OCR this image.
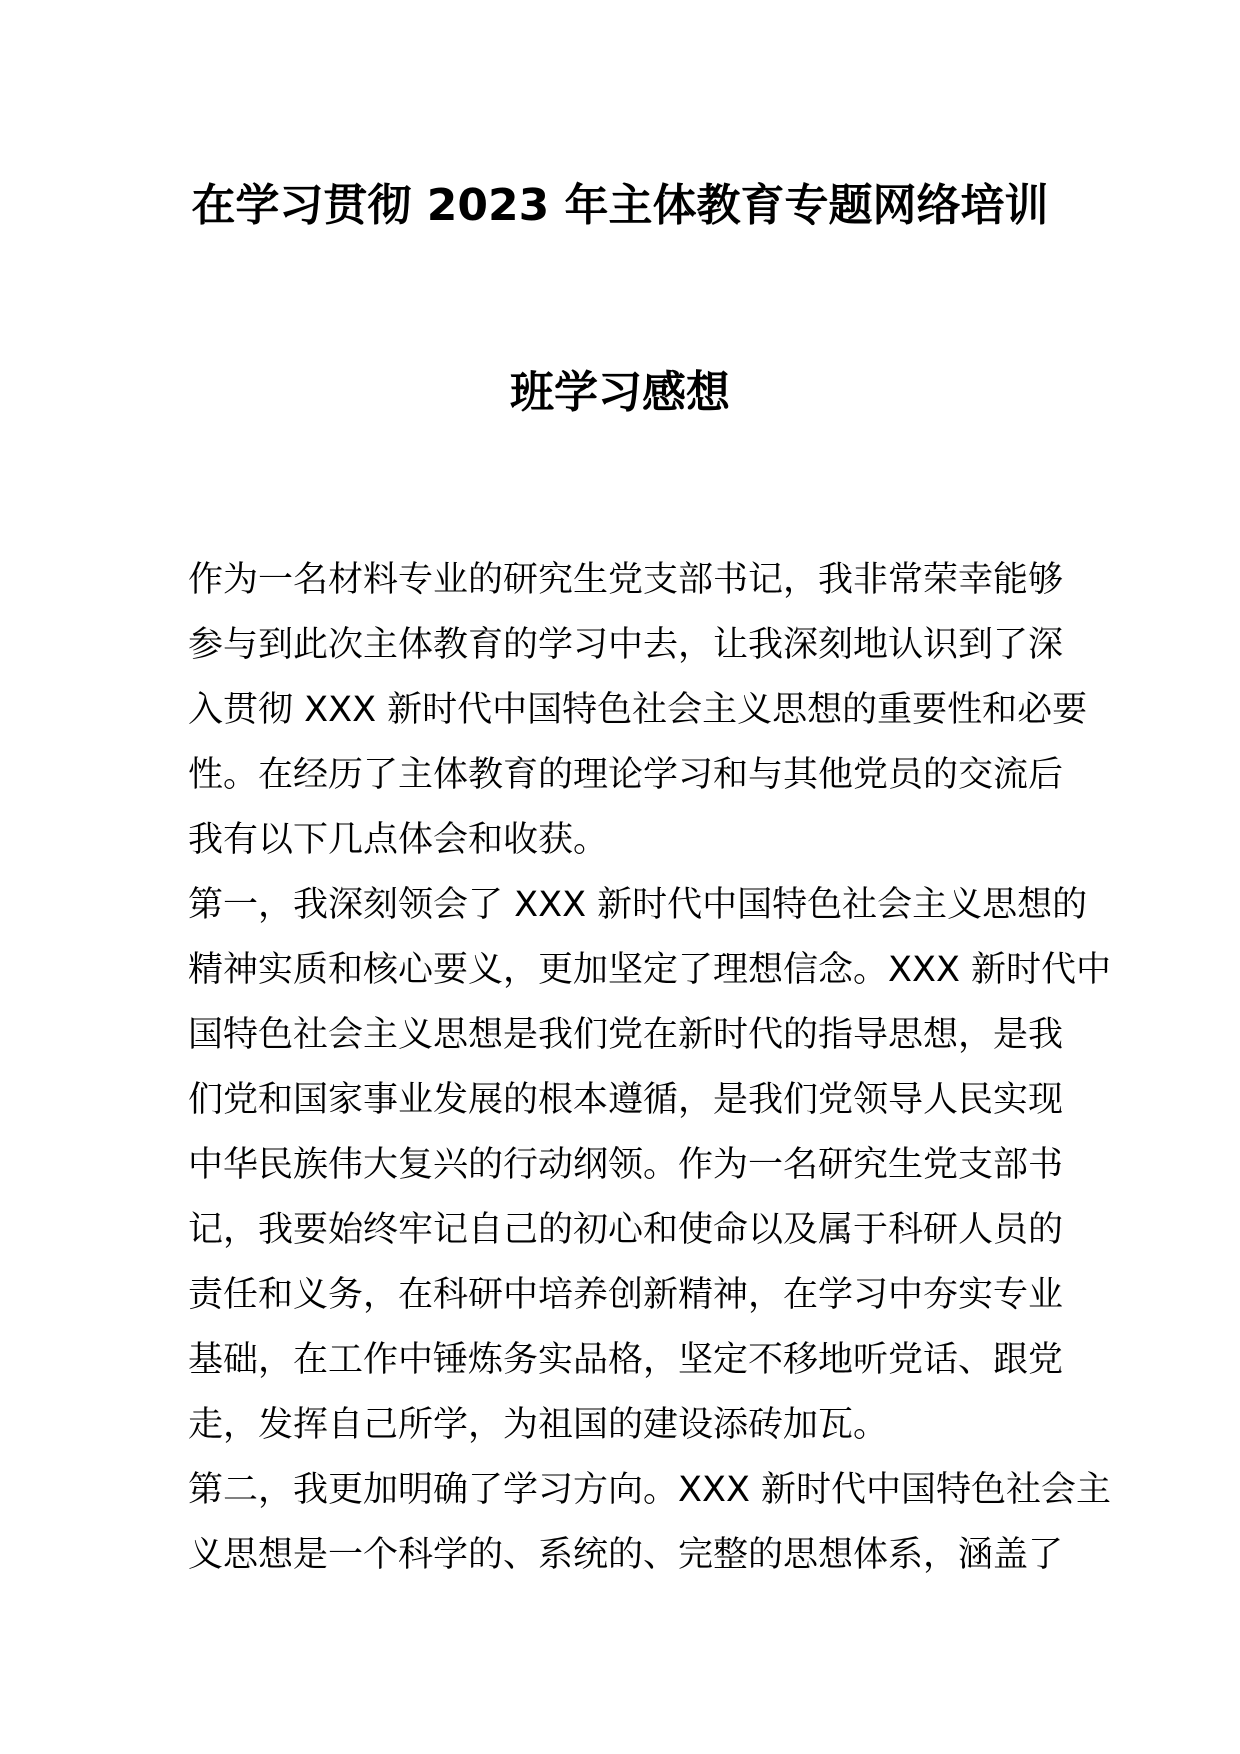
在学习贯彻 2023 年主体教育专题网络培训
班学习感想
作为一名材料专业的研究生党支部书记，我非常荣幸能够
参与到此次主体教育的学习中去，让我深刻地认识到了深
入贯彻 XXX 新时代中国特色社会主义思想的重要性和必要
性。在经历了主体教育的理论学习和与其他党员的交流后
我有以下几点体会和收获。
第一，我深刻领会了 XXX 新时代中国特色社会主义思想的
精神实质和核心要义，更加坚定了理想信念。XXX 新时代中
国特色社会主义思想是我们党在新时代的指导思想，是我
们党和国家事业发展的根本遵循，是我们党领导人民实现
中华民族伟大复兴的行动纲领。作为一名研究生党支部书
记，我要始终牢记自己的初心和使命以及属于科研人员的
责任和义务，在科研中培养创新精神，在学习中夯实专业
基础，在工作中锤炼务实品格，坚定不移地听党话、跟党
走，发挥自己所学，为祖国的建设添砖加瓦。
第二，我更加明确了学习方向。XXX 新时代中国特色社会主
义思想是一个科学的、系统的、完整的思想体系，涵盖了
